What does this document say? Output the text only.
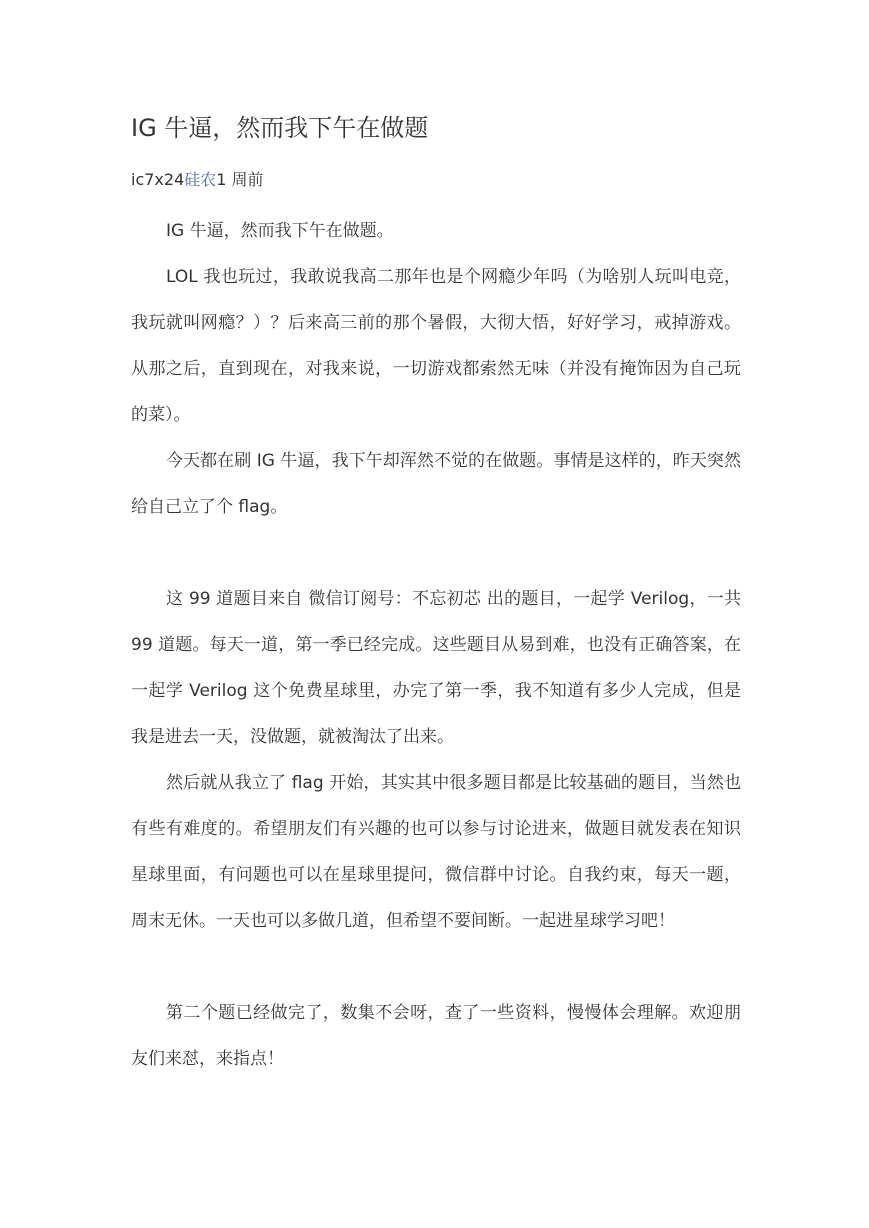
IG 牛逼，然而我下午在做题
ic7x24硅农1 周前

IG 牛逼，然而我下午在做题。

LOL 我也玩过，我敢说我高二那年也是个网瘾少年吗（为啥别人玩叫电竞，我玩就叫网瘾？）？后来高三前的那个暑假，大彻大悟，好好学习，戒掉游戏。从那之后，直到现在，对我来说，一切游戏都索然无味（并没有掩饰因为自己玩的菜）。

今天都在刷 IG 牛逼，我下午却浑然不觉的在做题。事情是这样的，昨天突然给自己立了个 flag。

这 99 道题目来自 微信订阅号：不忘初芯 出的题目，一起学 Verilog，一共 99 道题。每天一道，第一季已经完成。这些题目从易到难，也没有正确答案，在一起学 Verilog 这个免费星球里，办完了第一季，我不知道有多少人完成，但是我是进去一天，没做题，就被淘汰了出来。

然后就从我立了 flag 开始，其实其中很多题目都是比较基础的题目，当然也有些有难度的。希望朋友们有兴趣的也可以参与讨论进来，做题目就发表在知识星球里面，有问题也可以在星球里提问，微信群中讨论。自我约束，每天一题，周末无休。一天也可以多做几道，但希望不要间断。一起进星球学习吧！

第二个题已经做完了，数集不会呀，查了一些资料，慢慢体会理解。欢迎朋友们来怼，来指点！
